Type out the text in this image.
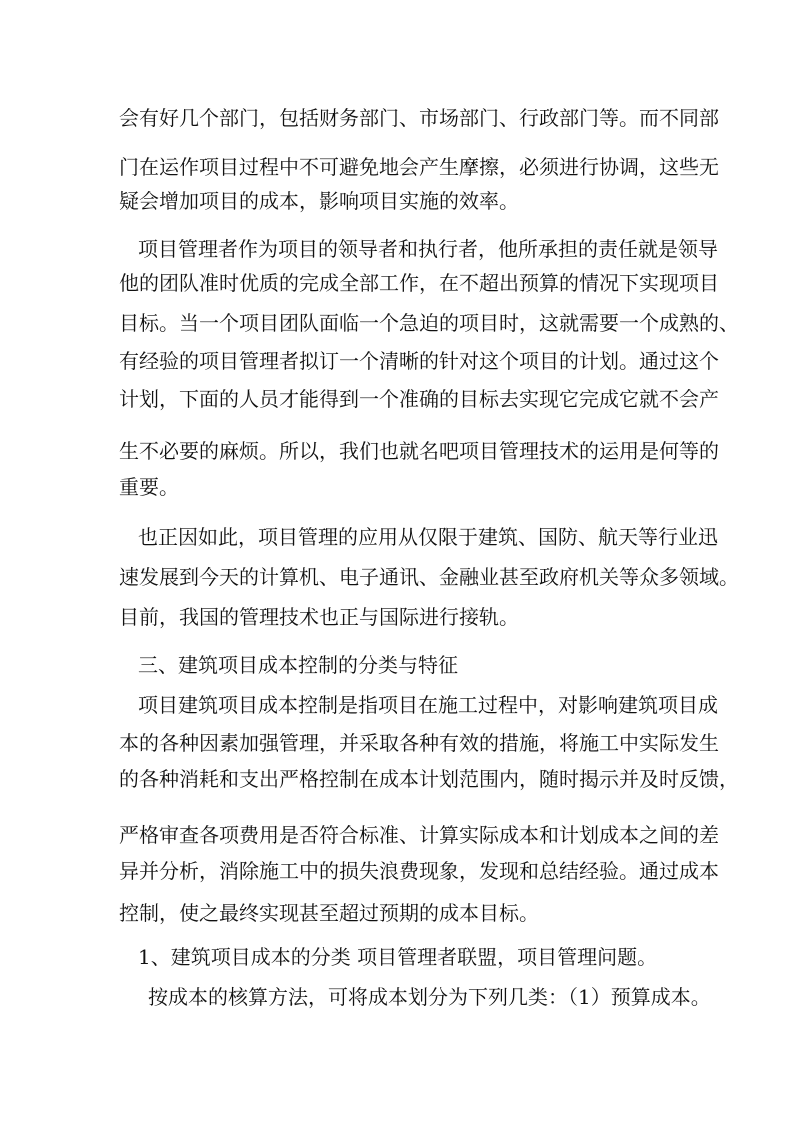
会有好几个部门，包括财务部门、市场部门、行政部门等。而不同部
门在运作项目过程中不可避免地会产生摩擦，必须进行协调，这些无
疑会增加项目的成本，影响项目实施的效率。
项目管理者作为项目的领导者和执行者，他所承担的责任就是领导
他的团队准时优质的完成全部工作，在不超出预算的情况下实现项目
目标。当一个项目团队面临一个急迫的项目时，这就需要一个成熟的、
有经验的项目管理者拟订一个清晰的针对这个项目的计划。通过这个
计划，下面的人员才能得到一个准确的目标去实现它完成它就不会产
生不必要的麻烦。所以，我们也就名吧项目管理技术的运用是何等的
重要。
也正因如此，项目管理的应用从仅限于建筑、国防、航天等行业迅
速发展到今天的计算机、电子通讯、金融业甚至政府机关等众多领域。
目前，我国的管理技术也正与国际进行接轨。
三、建筑项目成本控制的分类与特征
项目建筑项目成本控制是指项目在施工过程中，对影响建筑项目成
本的各种因素加强管理，并采取各种有效的措施，将施工中实际发生
的各种消耗和支出严格控制在成本计划范围内，随时揭示并及时反馈，
严格审查各项费用是否符合标准、计算实际成本和计划成本之间的差
异并分析，消除施工中的损失浪费现象，发现和总结经验。通过成本
控制，使之最终实现甚至超过预期的成本目标。
1、建筑项目成本的分类 项目管理者联盟，项目管理问题。
按成本的核算方法，可将成本划分为下列几类：（1）预算成本。
